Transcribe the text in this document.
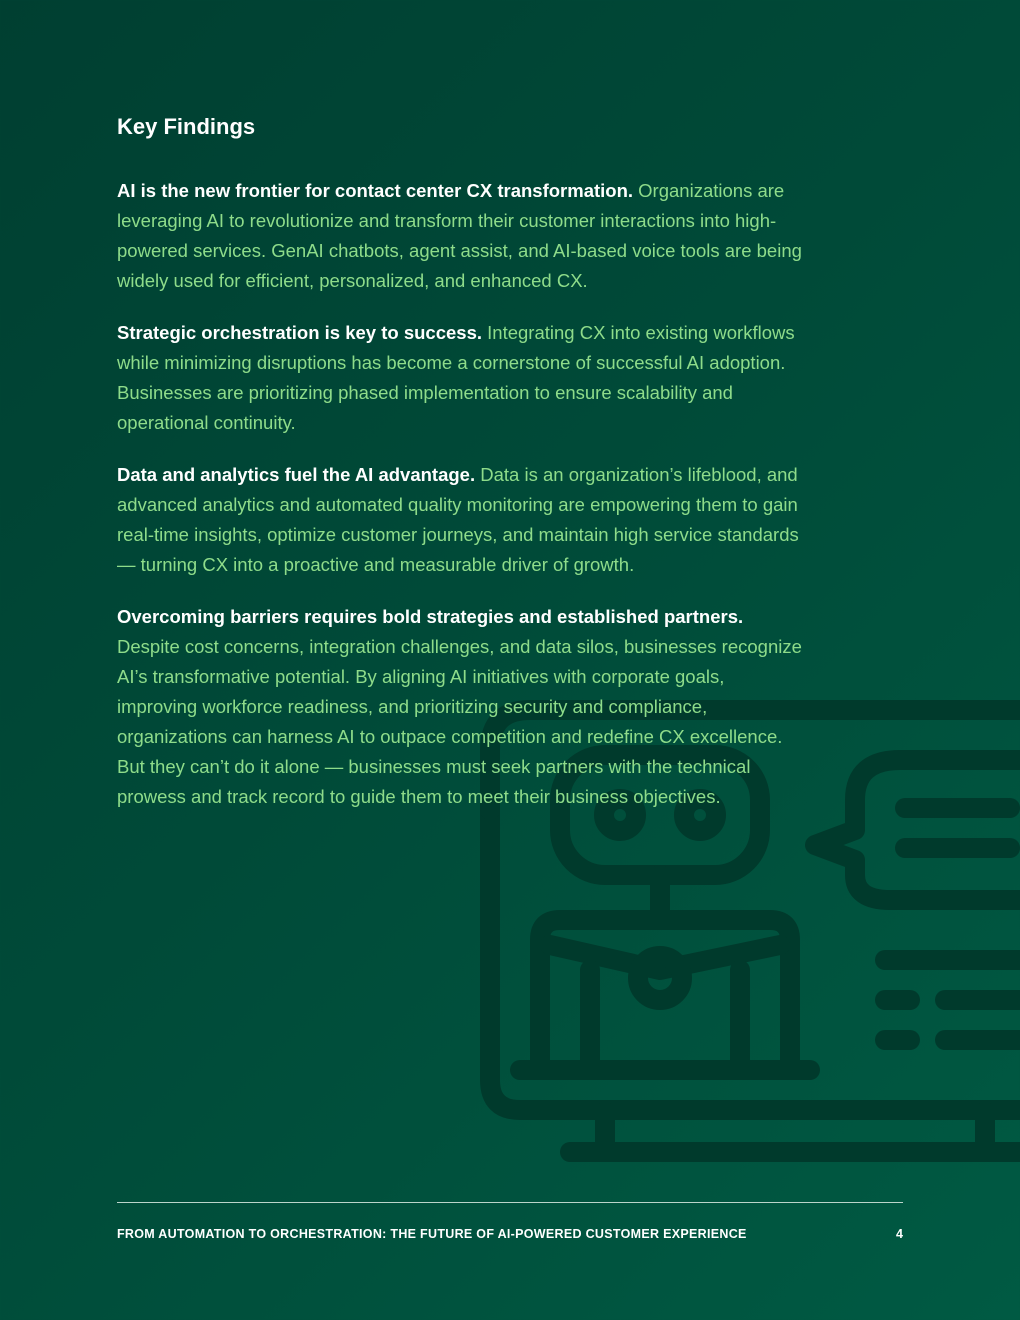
Key Findings

AI is the new frontier for contact center CX transformation. Organizations are leveraging AI to revolutionize and transform their customer interactions into high-powered services. GenAI chatbots, agent assist, and AI-based voice tools are being widely used for efficient, personalized, and enhanced CX.

Strategic orchestration is key to success. Integrating CX into existing workflows while minimizing disruptions has become a cornerstone of successful AI adoption. Businesses are prioritizing phased implementation to ensure scalability and operational continuity.

Data and analytics fuel the AI advantage. Data is an organization’s lifeblood, and advanced analytics and automated quality monitoring are empowering them to gain real-time insights, optimize customer journeys, and maintain high service standards — turning CX into a proactive and measurable driver of growth.

Overcoming barriers requires bold strategies and established partners. Despite cost concerns, integration challenges, and data silos, businesses recognize AI’s transformative potential. By aligning AI initiatives with corporate goals, improving workforce readiness, and prioritizing security and compliance, organizations can harness AI to outpace competition and redefine CX excellence. But they can’t do it alone — businesses must seek partners with the technical prowess and track record to guide them to meet their business objectives.

FROM AUTOMATION TO ORCHESTRATION: THE FUTURE OF AI-POWERED CUSTOMER EXPERIENCE	4
